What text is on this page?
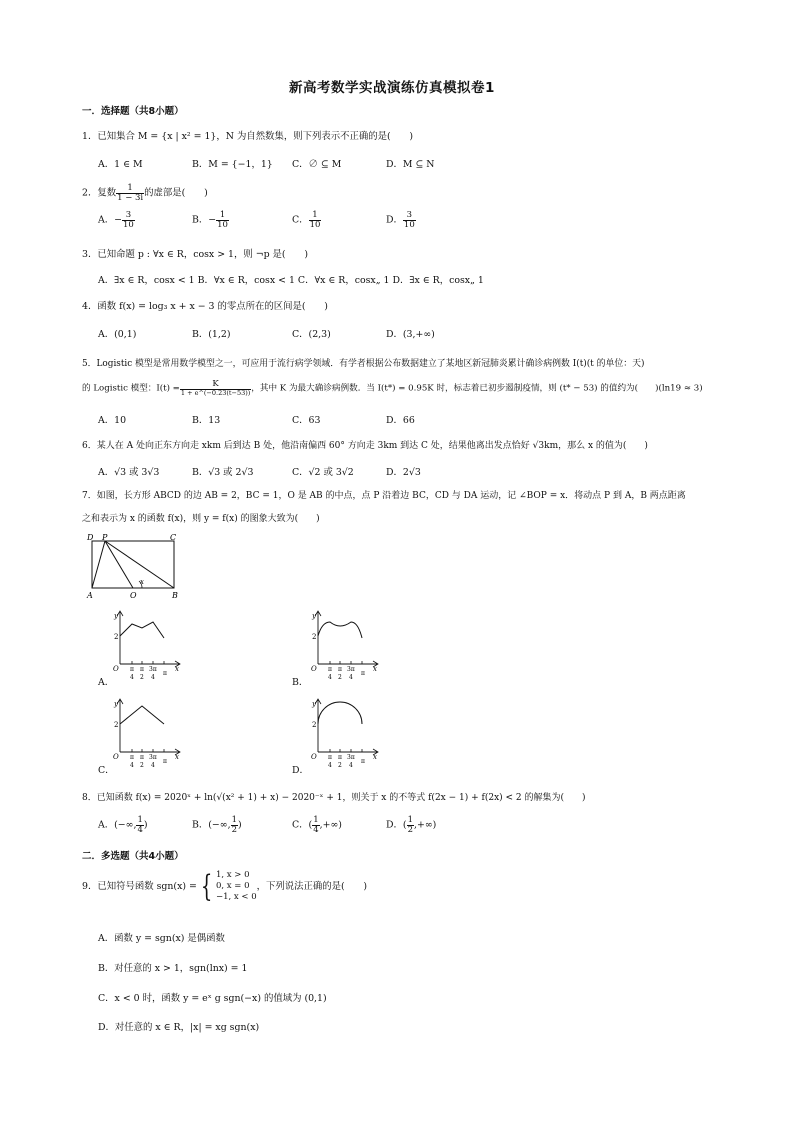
新高考数学实战演练仿真模拟卷1
一．选择题（共8小题）
1．已知集合 M = {x | x² = 1}，N 为自然数集，则下列表示不正确的是(　　)
A．1 ∈ M	B．M = {−1，1} C．∅ ⊆ M	D．M ⊆ N
2．复数 $\frac{1}{1 - 3i}$ 的虚部是(　　)
A．− $\frac{3}{10}$	B．− $\frac{1}{10}$	C． $\frac{1}{10}$	D． $\frac{3}{10}$
3．已知命题 p : ∀x ∈ R，cosx > 1，则 ¬p 是(　　)
A．∃x ∈ R，cosx < 1 B．∀x ∈ R，cosx < 1 C．∀x ∈ R，cosx„ 1 D．∃x ∈ R，cosx„ 1
4．函数 f(x) = log₃ x + x − 3 的零点所在的区间是(　　)
A．(0,1)	B．(1,2)	C．(2,3)	D．(3,+∞)
5．Logistic 模型是常用数学模型之一，可应用于流行病学领域．有学者根据公布数据建立了某地区新冠肺炎累计确诊病例数 I(t)(t 的单位：天)
的 Logistic 模型：$I(t) = \frac{K}{1 + e\^{}(-0.23(t-53))}$ ，其中 K 为最大确诊病例数．当 I(t*) = 0.95K 时，标志着已初步遏制疫情，则 (t* − 53) 的值约为(　　)(ln19 ≈ 3)
A．10	B．13	C．63	D．66
6．某人在 A 处向正东方向走 xkm 后到达 B 处，他沿南偏西 60° 方向走 3km 到达 C 处，结果他离出发点恰好 √3km，那么 x 的值为(　　)
A．√3 或 3√3	B．√3 或 2√3	C．√2 或 3√2	D．2√3
7．如图，长方形 ABCD 的边 AB = 2，BC = 1，O 是 AB 的中点，点 P 沿着边 BC，CD 与 DA 运动，记 ∠BOP = x．将动点 P 到 A，B 两点距离
之和表示为 x 的函数 f(x)，则 y = f(x) 的图象大致为(　　)
D P	C
A	O	B
x
y
2
O	x
π
4
π
2
3π
4
π
A．
y
2
O	x
π
4
π
2
3π
4
π
B．
y
2
O	x
π
4
π
2
3π
4
π
C．
y
2
O	x
π
4
π
2
3π
4
π
D．
8．已知函数 f(x) = 2020ˣ + ln(√(x² + 1) + x) − 2020⁻ˣ + 1，则关于 x 的不等式 f(2x − 1) + f(2x) < 2 的解集为(　　)
A．(−∞, $\frac{1}{4}$ )	B．(−∞, $\frac{1}{2}$ )	C．( $\frac{1}{4}$ ,+∞)	D．( $\frac{1}{2}$ ,+∞)
二．多选题（共4小题）
9．已知符号函数 sgn(x) = { 1, x > 0
0, x = 0
−1, x < 0
，下列说法正确的是(　　)
A．函数 y = sgn(x) 是偶函数
B．对任意的 x > 1，sgn(lnx) = 1
C．x < 0 时，函数 y = eˣ g sgn(−x) 的值域为 (0,1)
D．对任意的 x ∈ R，|x| = xg sgn(x)
